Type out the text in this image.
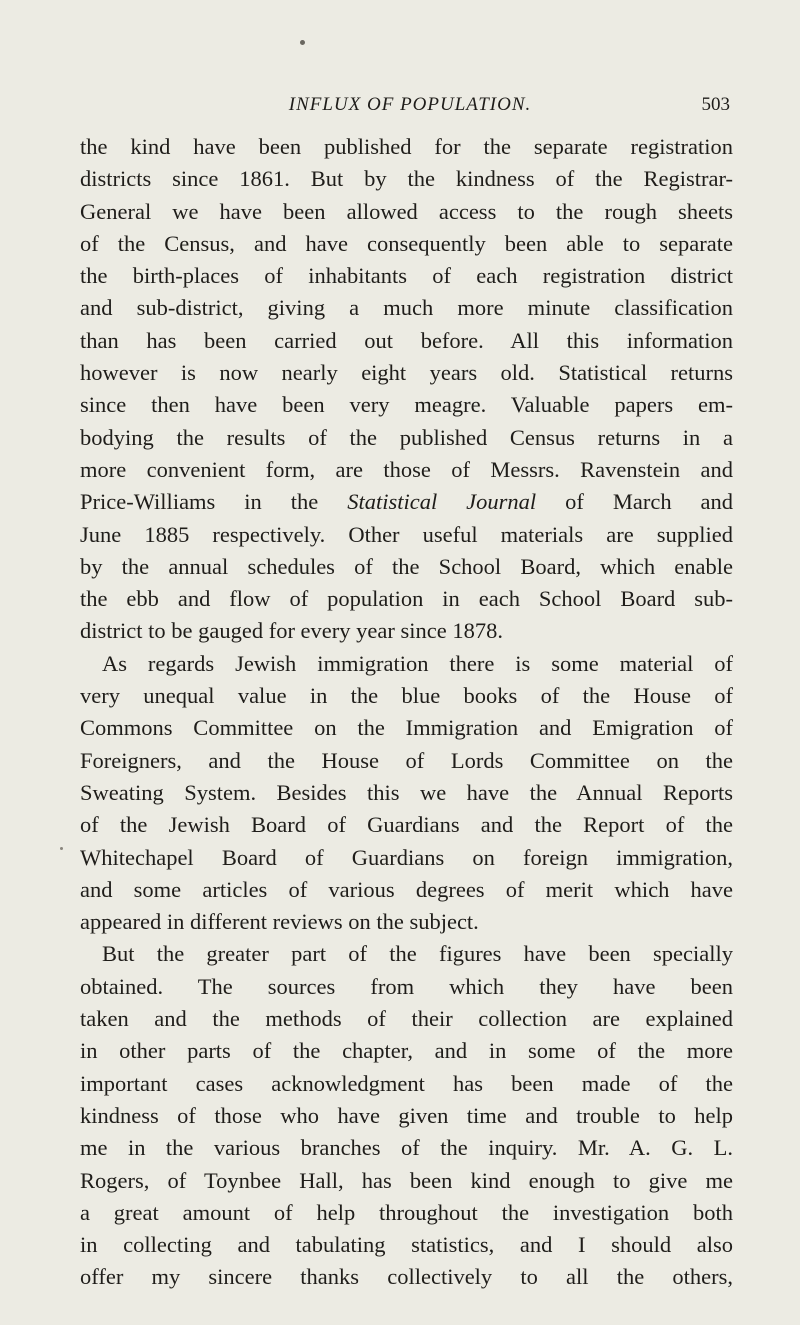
INFLUX OF POPULATION.	503
the kind have been published for the separate registration
districts since 1861. But by the kindness of the Registrar-
General we have been allowed access to the rough sheets
of the Census, and have consequently been able to separate
the birth-places of inhabitants of each registration district
and sub-district, giving a much more minute classification
than has been carried out before. All this information
however is now nearly eight years old. Statistical returns
since then have been very meagre. Valuable papers em-
bodying the results of the published Census returns in a
more convenient form, are those of Messrs. Ravenstein and
Price-Williams in the Statistical Journal of March and
June 1885 respectively. Other useful materials are supplied
by the annual schedules of the School Board, which enable
the ebb and flow of population in each School Board sub-
district to be gauged for every year since 1878.
As regards Jewish immigration there is some material of
very unequal value in the blue books of the House of
Commons Committee on the Immigration and Emigration of
Foreigners, and the House of Lords Committee on the
Sweating System. Besides this we have the Annual Reports
of the Jewish Board of Guardians and the Report of the
Whitechapel Board of Guardians on foreign immigration,
and some articles of various degrees of merit which have
appeared in different reviews on the subject.
But the greater part of the figures have been specially
obtained. The sources from which they have been
taken and the methods of their collection are explained
in other parts of the chapter, and in some of the more
important cases acknowledgment has been made of the
kindness of those who have given time and trouble to help
me in the various branches of the inquiry. Mr. A. G. L.
Rogers, of Toynbee Hall, has been kind enough to give me
a great amount of help throughout the investigation both
in collecting and tabulating statistics, and I should also
offer my sincere thanks collectively to all the others,
